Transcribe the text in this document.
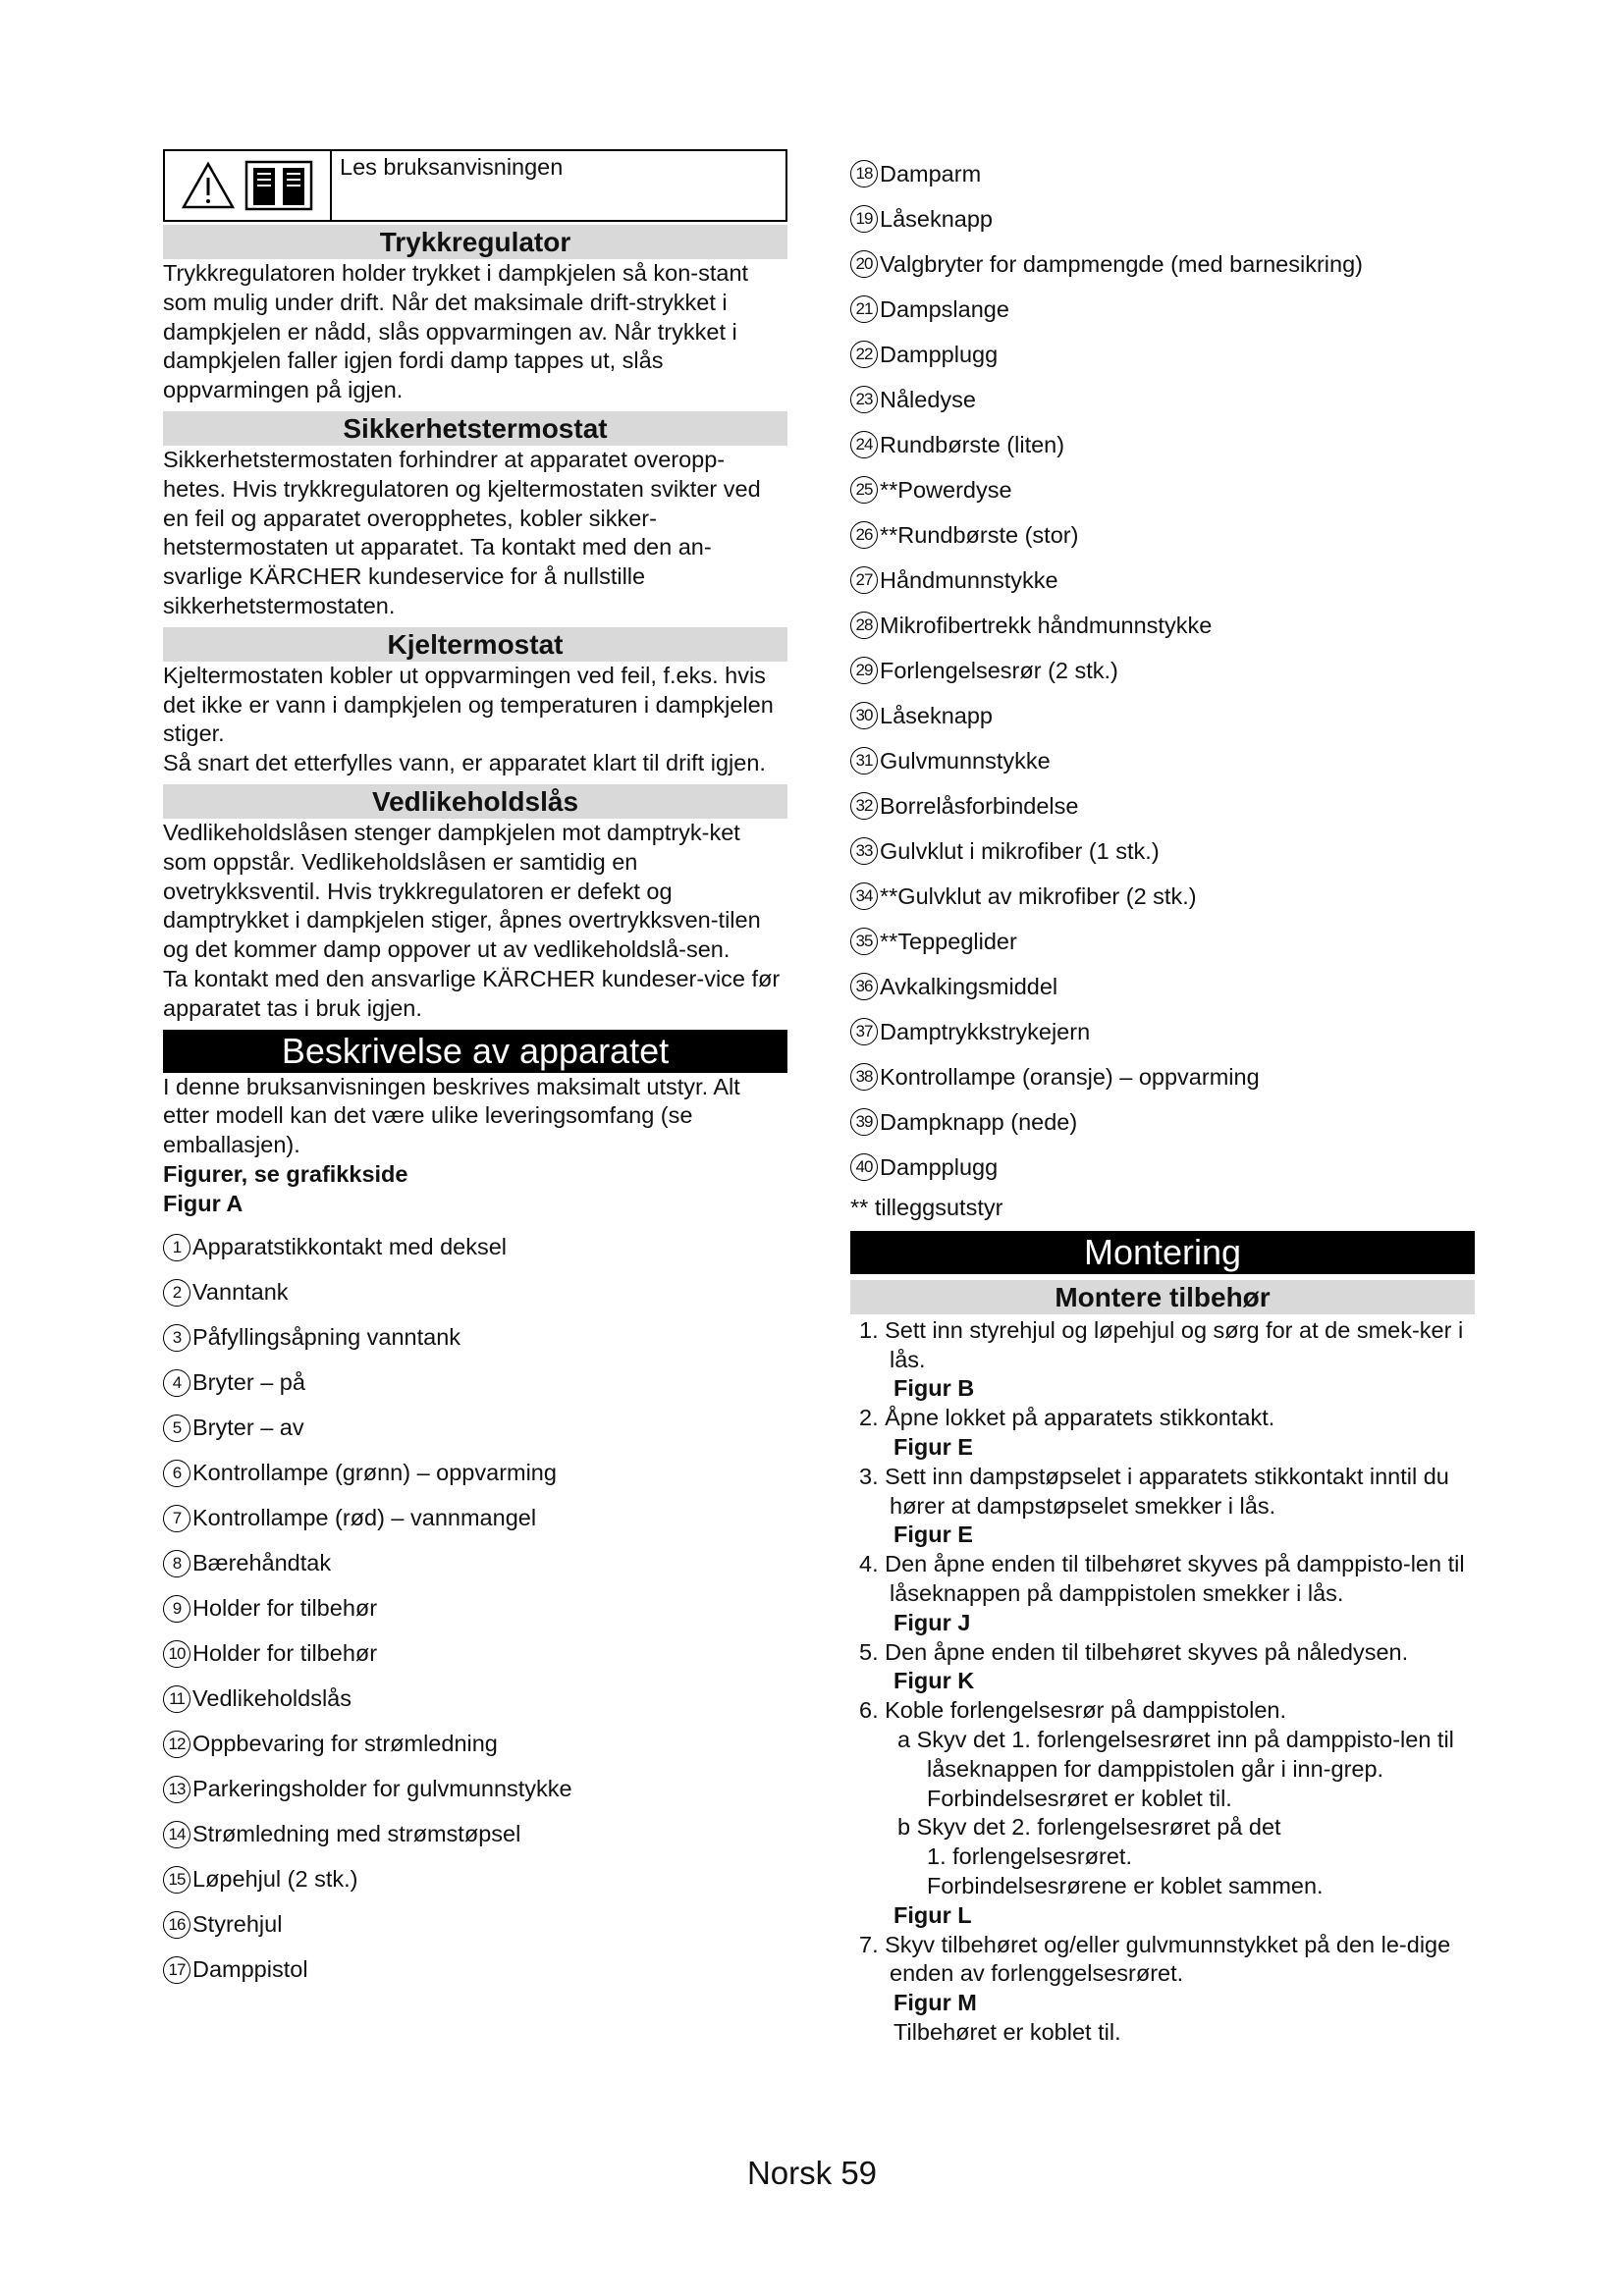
Les bruksanvisningen
Trykkregulator

Trykkregulatoren holder trykket i dampkjelen så kon-stant som mulig under drift. Når det maksimale drift-strykket i dampkjelen er nådd, slås oppvarmingen av. Når trykket i dampkjelen faller igjen fordi damp tappes ut, slås oppvarmingen på igjen.

Sikkerhetstermostat

Sikkerhetstermostaten forhindrer at apparatet overopp-hetes. Hvis trykkregulatoren og kjeltermostaten svikter ved en feil og apparatet overopphetes, kobler sikker-hetstermostaten ut apparatet. Ta kontakt med den an-svarlige KÄRCHER kundeservice for å nullstille sikkerhetstermostaten.

Kjeltermostat

Kjeltermostaten kobler ut oppvarmingen ved feil, f.eks. hvis det ikke er vann i dampkjelen og temperaturen i dampkjelen stiger.

Så snart det etterfylles vann, er apparatet klart til drift igjen.

Vedlikeholdslås

Vedlikeholdslåsen stenger dampkjelen mot damptryk-ket som oppstår. Vedlikeholdslåsen er samtidig en ovetrykksventil. Hvis trykkregulatoren er defekt og damptrykket i dampkjelen stiger, åpnes overtrykksven-tilen og det kommer damp oppover ut av vedlikeholdslå-sen.

Ta kontakt med den ansvarlige KÄRCHER kundeser-vice før apparatet tas i bruk igjen.

Beskrivelse av apparatet

I denne bruksanvisningen beskrives maksimalt utstyr. Alt etter modell kan det være ulike leveringsomfang (se emballasjen).

Figurer, se grafikkside

Figur A

1 Apparatstikkontakt med deksel
2 Vanntank
3 Påfyllingsåpning vanntank
4 Bryter – på
5 Bryter – av
6 Kontrollampe (grønn) – oppvarming
7 Kontrollampe (rød) – vannmangel
8 Bærehåndtak
9 Holder for tilbehør
10 Holder for tilbehør
11 Vedlikeholdslås
12 Oppbevaring for strømledning
13 Parkeringsholder for gulvmunnstykke
14 Strømledning med strømstøpsel
15 Løpehjul (2 stk.)
16 Styrehjul
17 Damppistol
18 Damparm
19 Låseknapp
20 Valgbryter for dampmengde (med barnesikring)
21 Dampslange
22 Dampplugg
23 Nåledyse
24 Rundbørste (liten)
25 **Powerdyse
26 **Rundbørste (stor)
27 Håndmunnstykke
28 Mikrofibertrekk håndmunnstykke
29 Forlengelsesrør (2 stk.)
30 Låseknapp
31 Gulvmunnstykke
32 Borrelåsforbindelse
33 Gulvklut i mikrofiber (1 stk.)
34 **Gulvklut av mikrofiber (2 stk.)
35 **Teppeglider
36 Avkalkingsmiddel
37 Damptrykkstrykejern
38 Kontrollampe (oransje) – oppvarming
39 Dampknapp (nede)
40 Dampplugg

** tilleggsutstyr

Montering
Montere tilbehør
1. Sett inn styrehjul og løpehjul og sørg for at de smek-ker i lås.
Figur B
2. Åpne lokket på apparatets stikkontakt.
Figur E
3. Sett inn dampstøpselet i apparatets stikkontakt inntil du hører at dampstøpselet smekker i lås.
Figur E
4. Den åpne enden til tilbehøret skyves på damppisto-len til låseknappen på damppistolen smekker i lås.
Figur J
5. Den åpne enden til tilbehøret skyves på nåledysen.
Figur K
6. Koble forlengelsesrør på damppistolen.
a Skyv det 1. forlengelsesrøret inn på damppisto-len til låseknappen for damppistolen går i inn-grep.
Forbindelsesrøret er koblet til.
b Skyv det 2. forlengelsesrøret på det
1. forlengelsesrøret.
Forbindelsesrørene er koblet sammen.
Figur L
7. Skyv tilbehøret og/eller gulvmunnstykket på den le-dige enden av forlenggelsesrøret.
Figur M
Tilbehøret er koblet til.
Norsk 59
